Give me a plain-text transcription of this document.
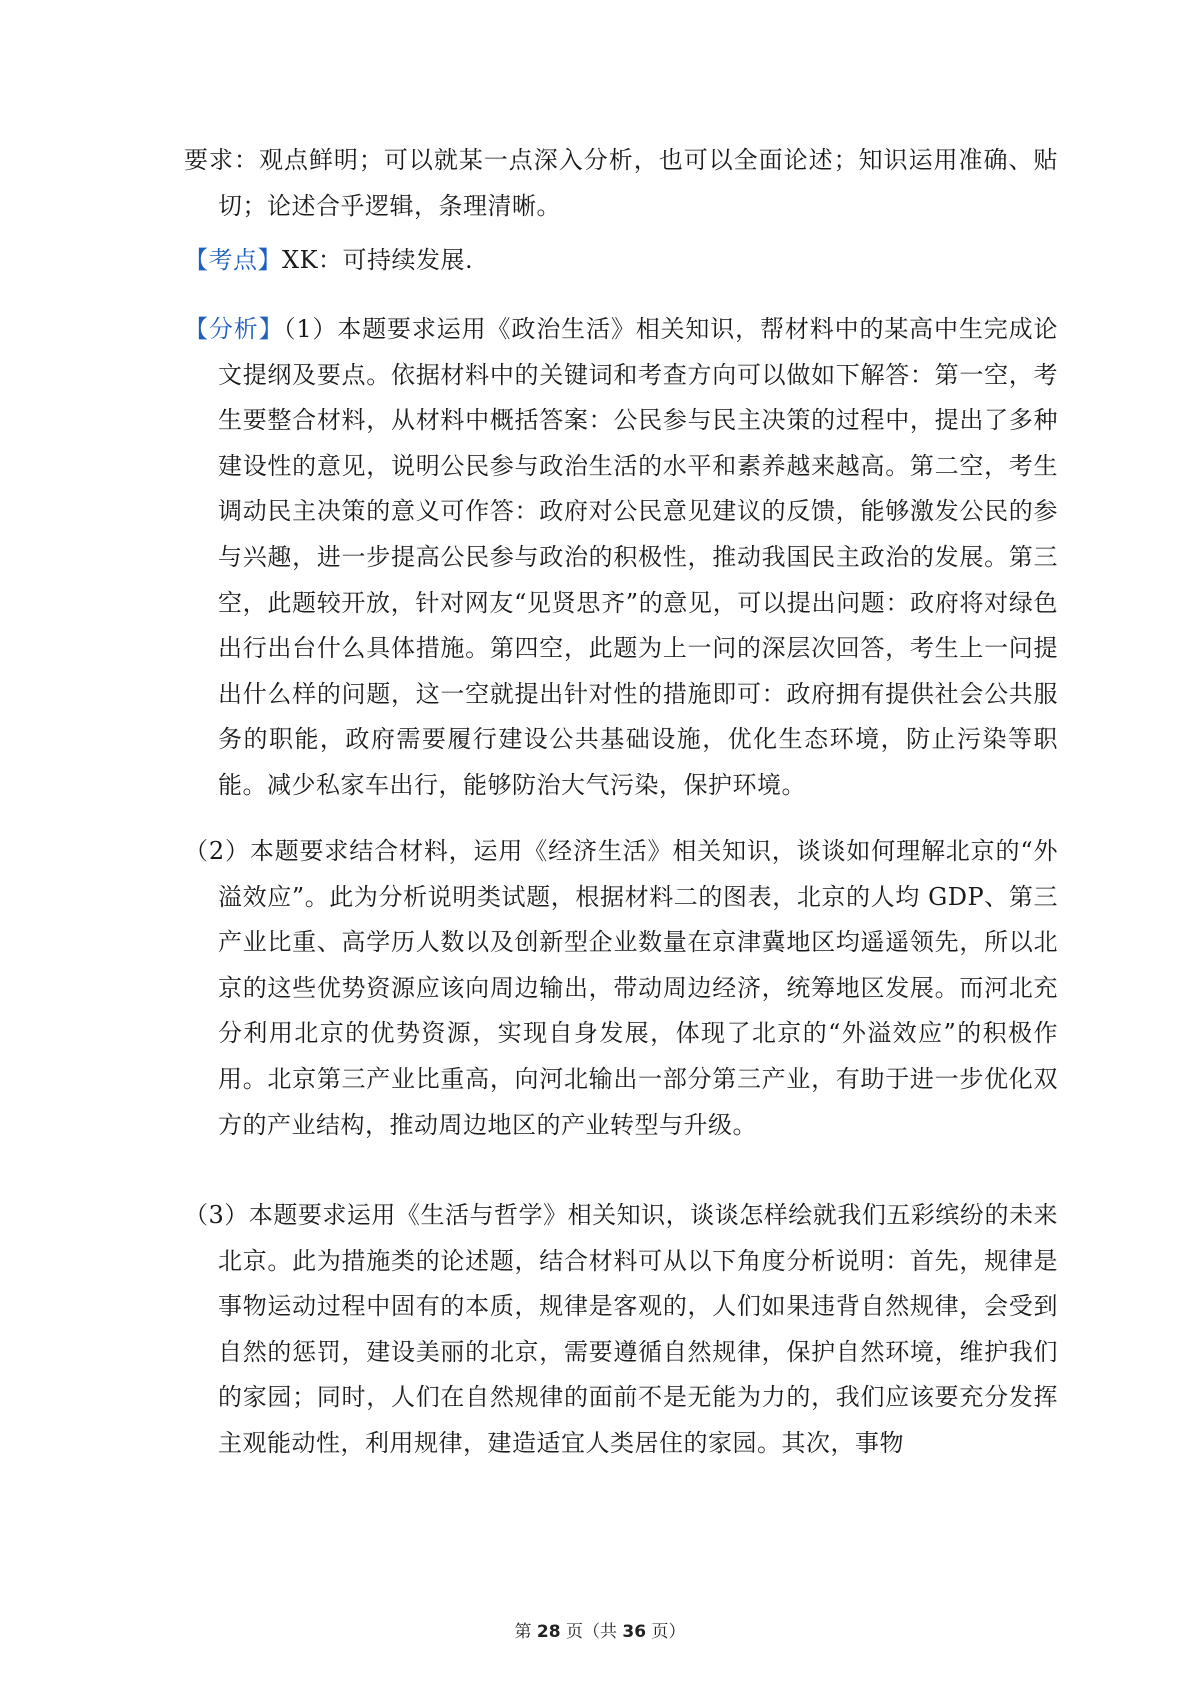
要求：观点鲜明；可以就某一点深入分析，也可以全面论述；知识运用准确、贴切；论述合乎逻辑，条理清晰。

【考点】XK：可持续发展.

【分析】（1）本题要求运用《政治生活》相关知识，帮材料中的某高中生完成论文提纲及要点。依据材料中的关键词和考查方向可以做如下解答：第一空，考生要整合材料，从材料中概括答案：公民参与民主决策的过程中，提出了多种建设性的意见，说明公民参与政治生活的水平和素养越来越高。第二空，考生调动民主决策的意义可作答：政府对公民意见建议的反馈，能够激发公民的参与兴趣，进一步提高公民参与政治的积极性，推动我国民主政治的发展。第三空，此题较开放，针对网友“见贤思齐”的意见，可以提出问题：政府将对绿色出行出台什么具体措施。第四空，此题为上一问的深层次回答，考生上一问提出什么样的问题，这一空就提出针对性的措施即可：政府拥有提供社会公共服务的职能，政府需要履行建设公共基础设施，优化生态环境，防止污染等职能。减少私家车出行，能够防治大气污染，保护环境。

（2）本题要求结合材料，运用《经济生活》相关知识，谈谈如何理解北京的“外溢效应”。此为分析说明类试题，根据材料二的图表，北京的人均 GDP、第三产业比重、高学历人数以及创新型企业数量在京津冀地区均遥遥领先，所以北京的这些优势资源应该向周边输出，带动周边经济，统筹地区发展。而河北充分利用北京的优势资源，实现自身发展，体现了北京的“外溢效应”的积极作用。北京第三产业比重高，向河北输出一部分第三产业，有助于进一步优化双方的产业结构，推动周边地区的产业转型与升级。

（3）本题要求运用《生活与哲学》相关知识，谈谈怎样绘就我们五彩缤纷的未来北京。此为措施类的论述题，结合材料可从以下角度分析说明：首先，规律是事物运动过程中固有的本质，规律是客观的，人们如果违背自然规律，会受到自然的惩罚，建设美丽的北京，需要遵循自然规律，保护自然环境，维护我们的家园；同时，人们在自然规律的面前不是无能为力的，我们应该要充分发挥主观能动性，利用规律，建造适宜人类居住的家园。其次，事物

第 28 页（共 36 页）
